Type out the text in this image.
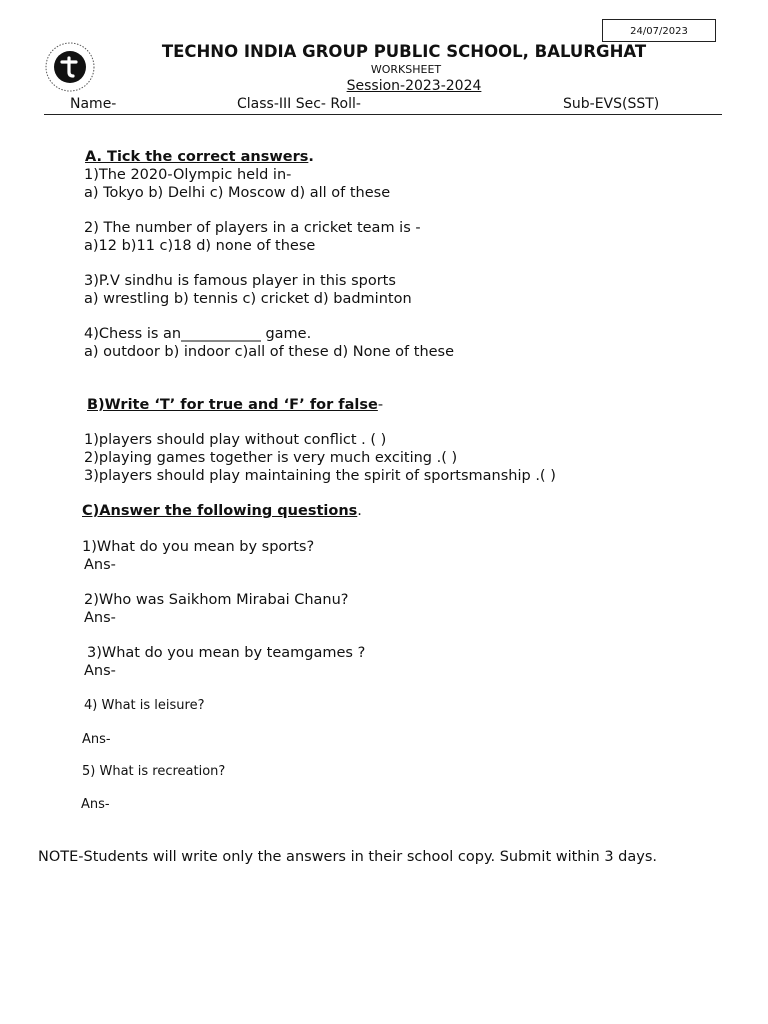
24/07/2023
TECHNO INDIA GROUP PUBLIC SCHOOL, BALURGHAT
WORKSHEET
Session-2023-2024
Name-	Class-III Sec- Roll-	Sub-EVS(SST)
A. Tick the correct answers.
1)The 2020-Olympic held in-
a) Tokyo b) Delhi c) Moscow d) all of these
2) The number of players in a cricket team is -
a)12 b)11 c)18 d) none of these
3)P.V sindhu is famous player in this sports
a) wrestling b) tennis c) cricket d) badminton
4)Chess is an___________ game.
a) outdoor b) indoor c)all of these d) None of these
B)Write ‘T’ for true and ‘F’ for false-
1)players should play without conflict . ( )
2)playing games together is very much exciting .( )
3)players should play maintaining the spirit of sportsmanship .( )
C)Answer the following questions.
1)What do you mean by sports?
Ans-
2)Who was Saikhom Mirabai Chanu?
Ans-
3)What do you mean by teamgames ?
Ans-
4) What is leisure?
Ans-
5) What is recreation?
Ans-
NOTE-Students will write only the answers in their school copy. Submit within 3 days.
